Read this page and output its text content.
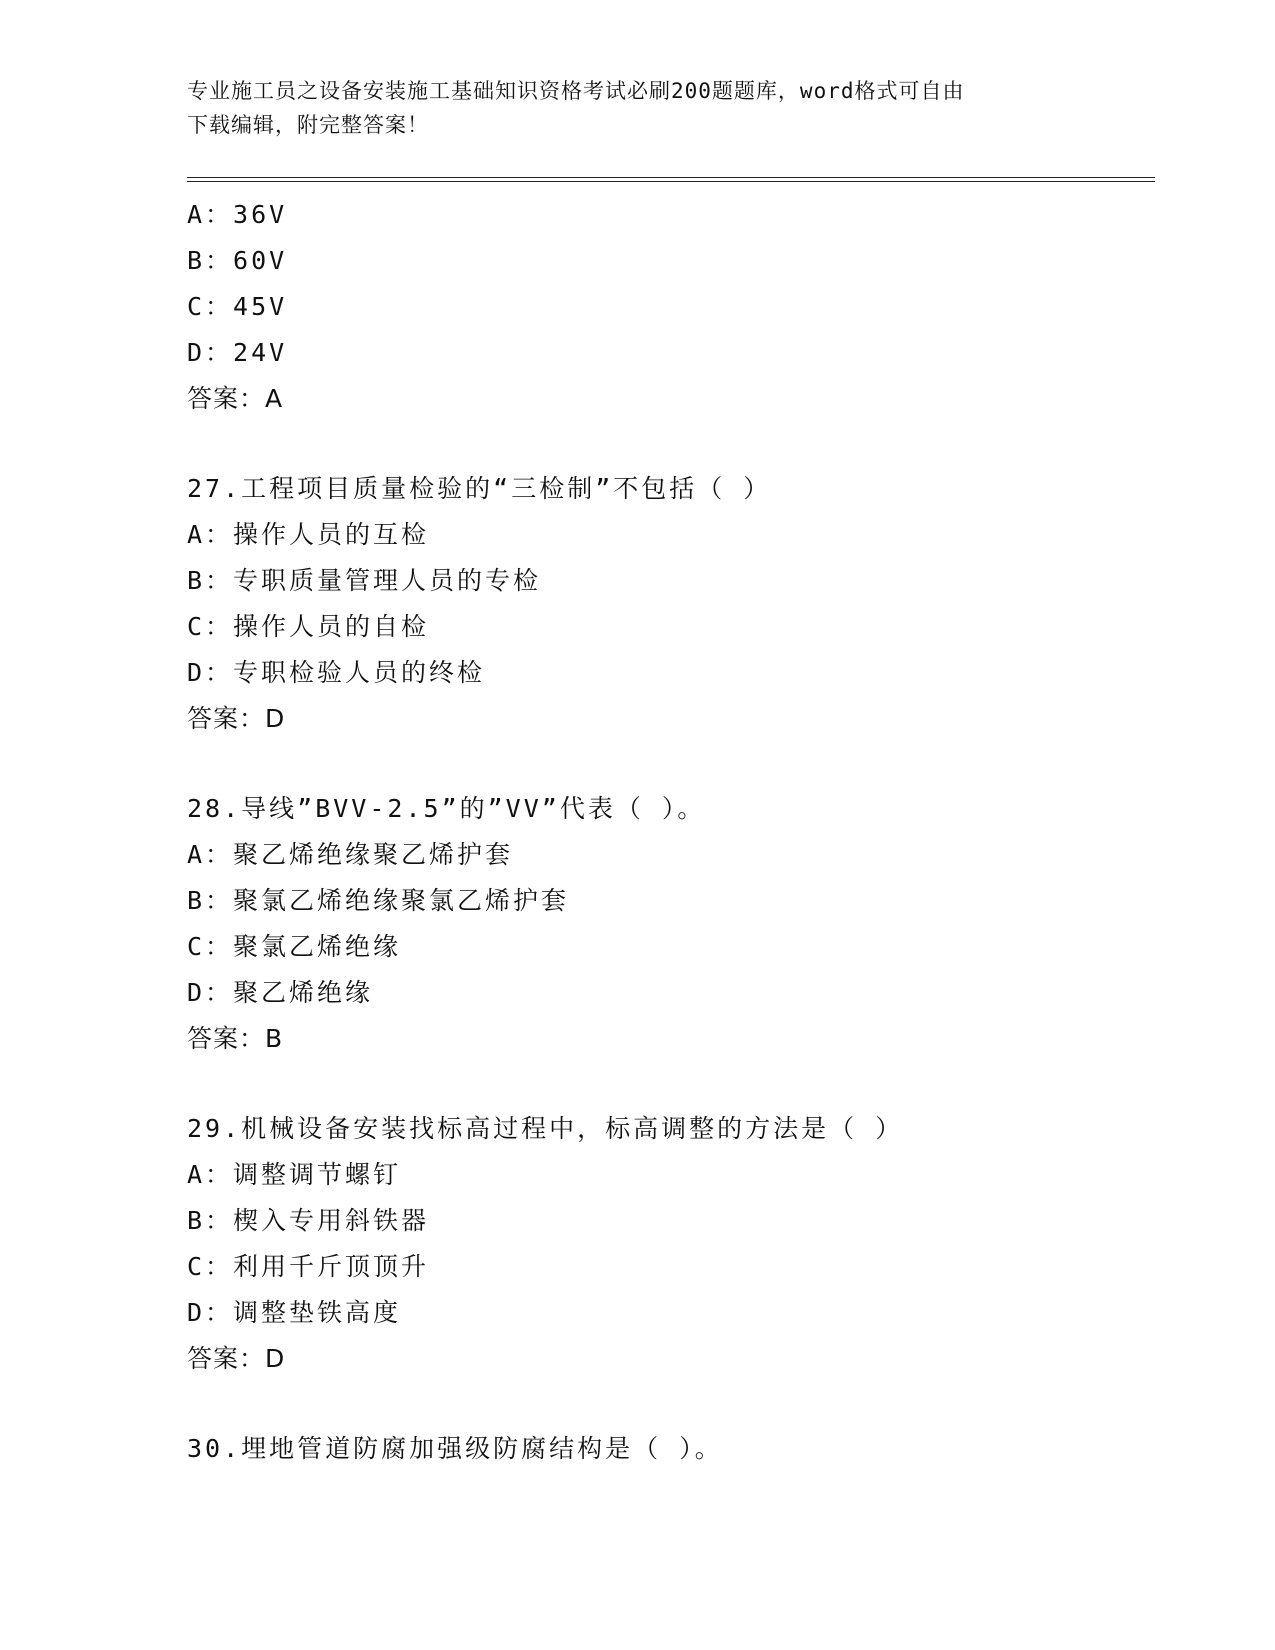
专业施工员之设备安装施工基础知识资格考试必刷200题题库，word格式可自由
下载编辑，附完整答案！
A：36V
B：60V
C：45V
D：24V
答案：A
27.工程项目质量检验的“三检制”不包括（ ）
A：操作人员的互检
B：专职质量管理人员的专检
C：操作人员的自检
D：专职检验人员的终检
答案：D
28.导线”BVV-2.5”的”VV”代表（ ）。
A：聚乙烯绝缘聚乙烯护套
B：聚氯乙烯绝缘聚氯乙烯护套
C：聚氯乙烯绝缘
D：聚乙烯绝缘
答案：B
29.机械设备安装找标高过程中，标高调整的方法是（ ）
A：调整调节螺钉
B：楔入专用斜铁器
C：利用千斤顶顶升
D：调整垫铁高度
答案：D
30.埋地管道防腐加强级防腐结构是（ ）。
